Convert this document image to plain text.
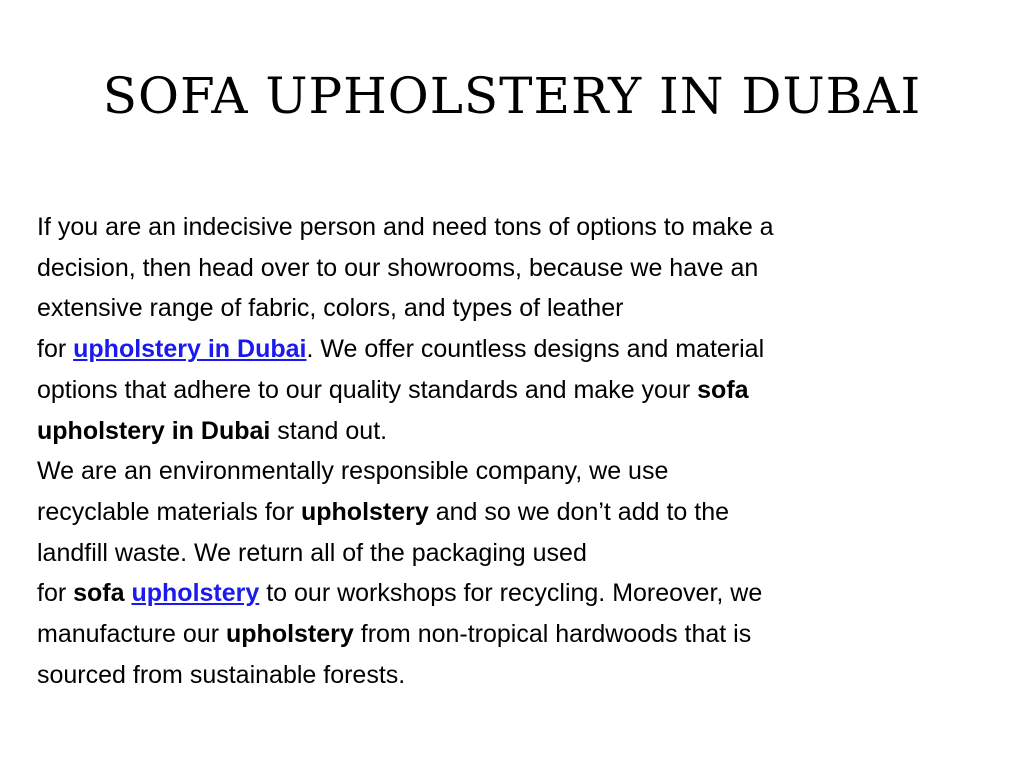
SOFA UPHOLSTERY IN DUBAI

If you are an indecisive person and need tons of options to make a
decision, then head over to our showrooms, because we have an
extensive range of fabric, colors, and types of leather
for upholstery in Dubai. We offer countless designs and material
options that adhere to our quality standards and make your sofa
upholstery in Dubai stand out.

We are an environmentally responsible company, we use
recyclable materials for upholstery and so we don’t add to the
landfill waste. We return all of the packaging used
for sofa upholstery to our workshops for recycling. Moreover, we
manufacture our upholstery from non-tropical hardwoods that is
sourced from sustainable forests.
